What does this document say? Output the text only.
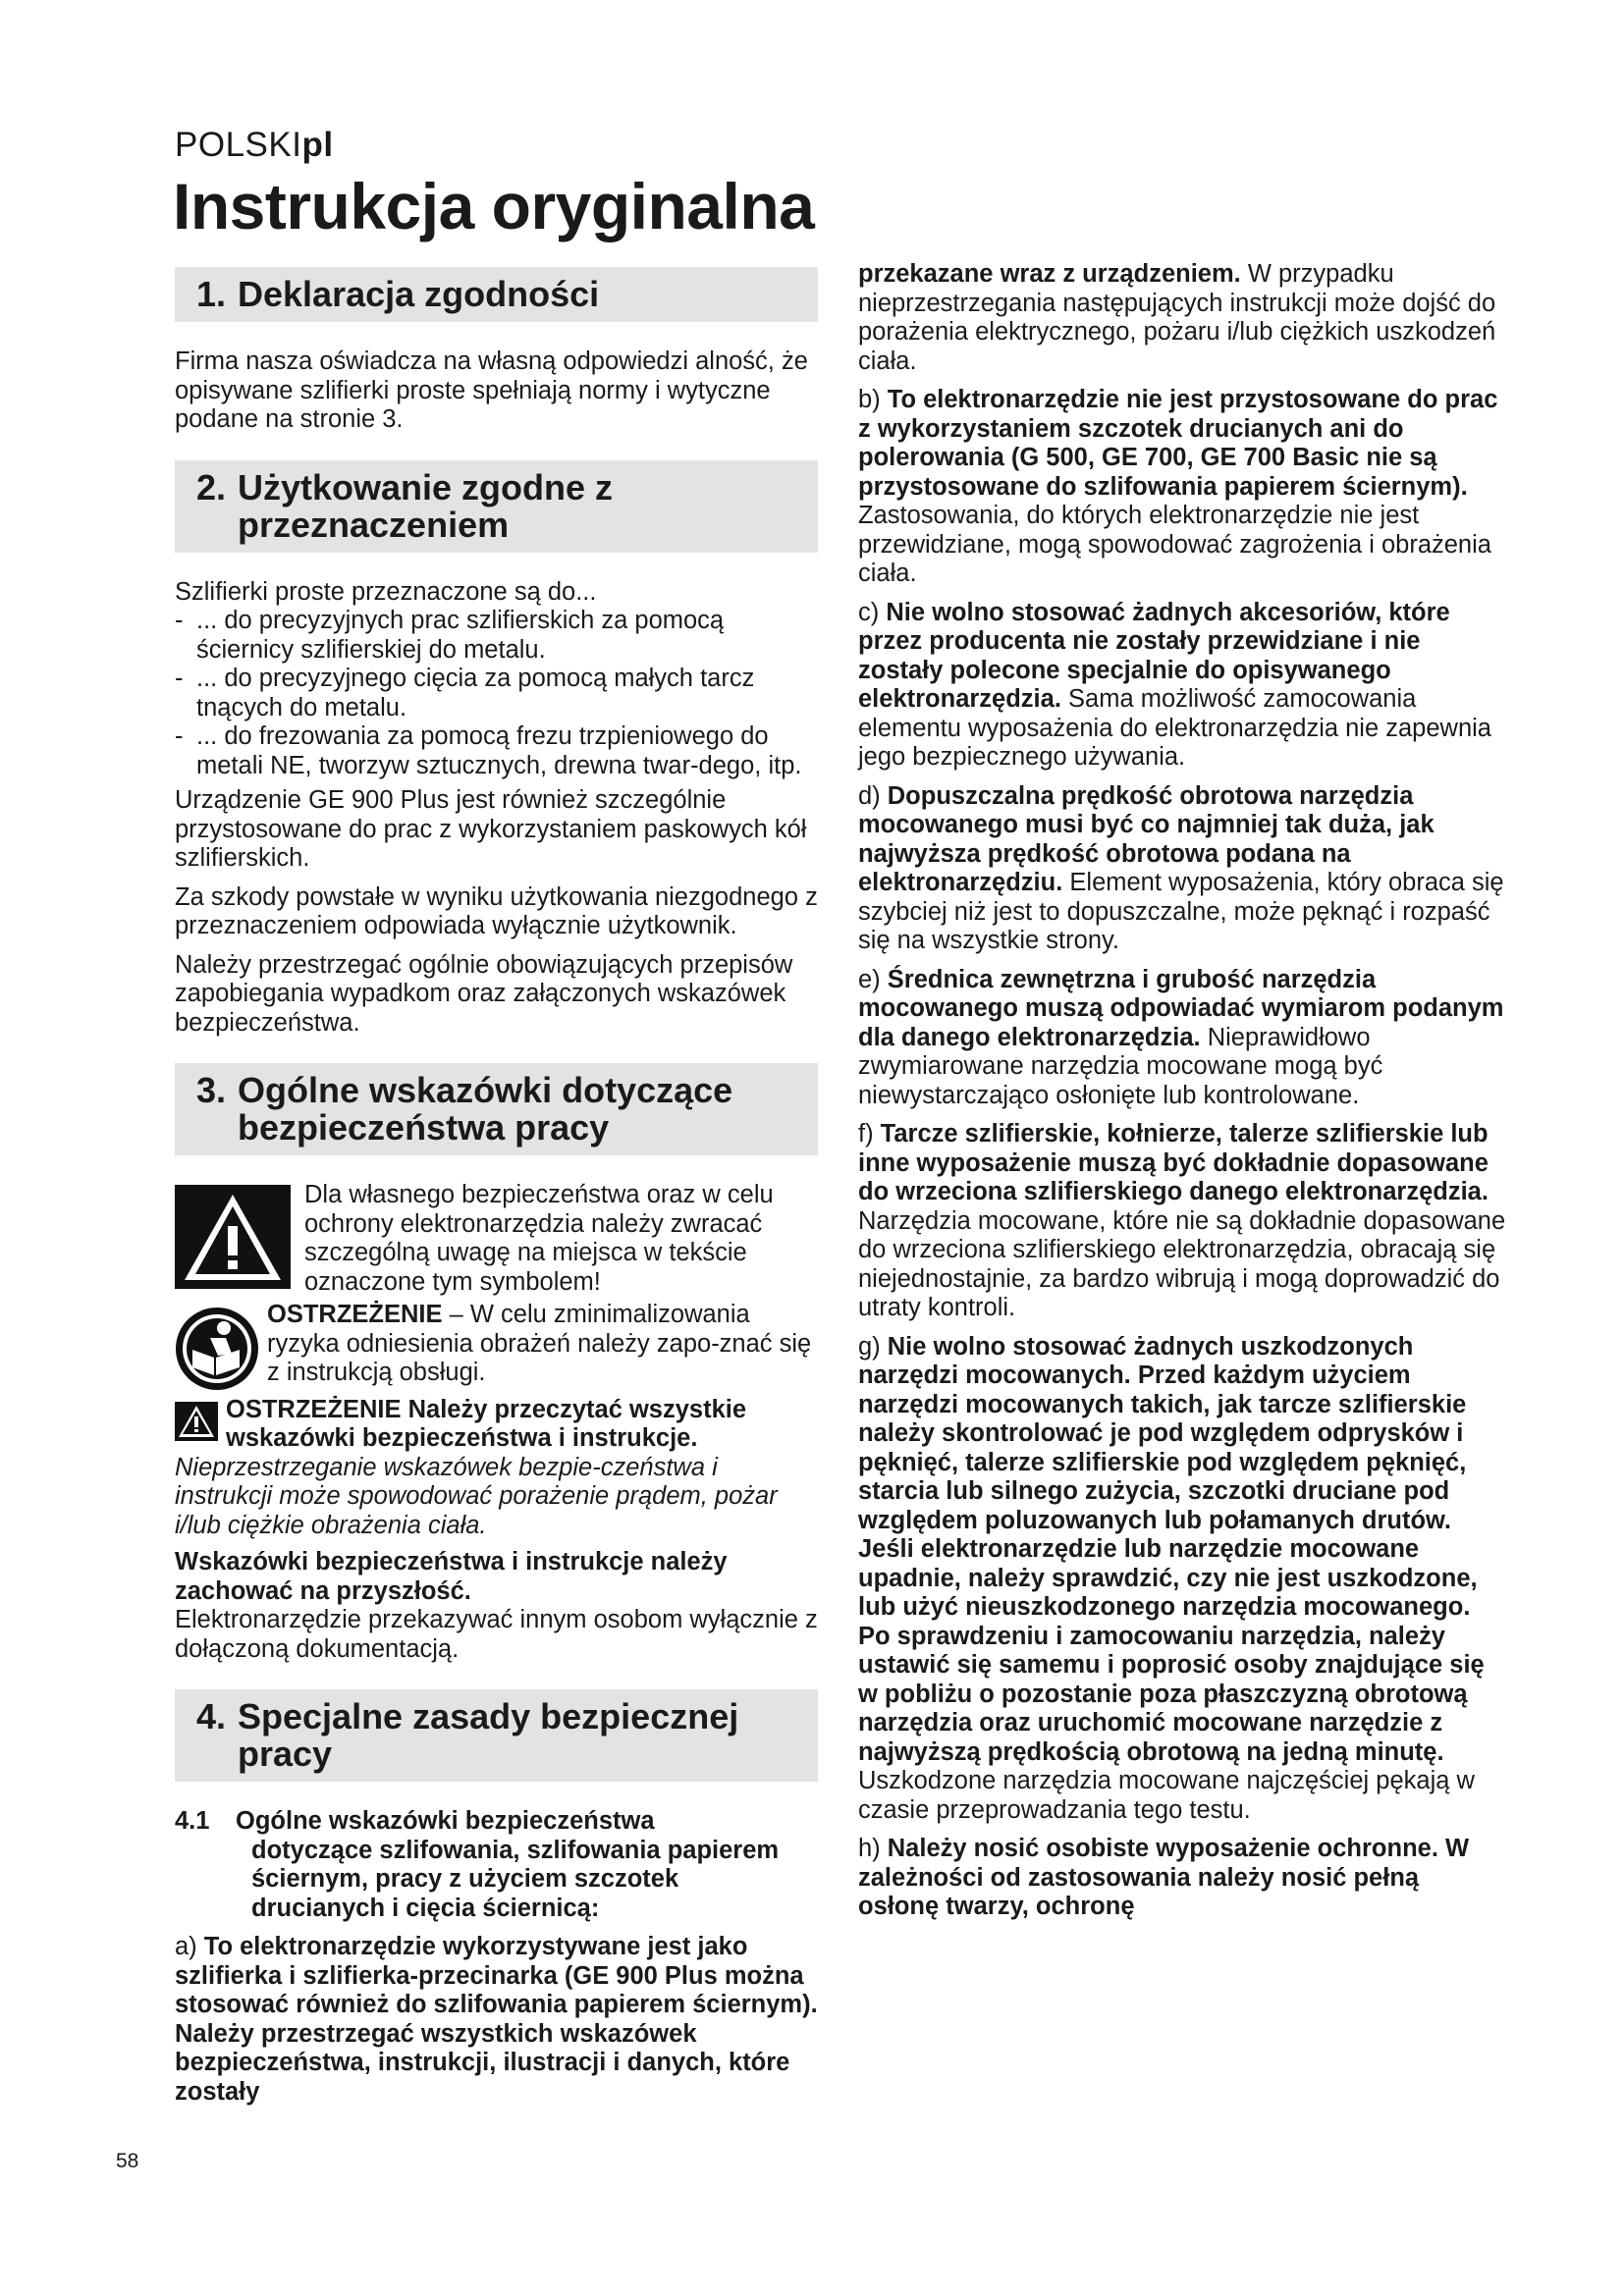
POLSKIpl
Instrukcja oryginalna
1. Deklaracja zgodności

Firma nasza oświadcza na własną odpowiedzi alność, że opisywane szlifierki proste spełniają normy i wytyczne podane na stronie 3.

2. Użytkowanie zgodne z
przeznaczeniem

Szlifierki proste przeznaczone są do...

- ... do precyzyjnych prac szlifierskich za pomocą ściernicy szlifierskiej do metalu.
- ... do precyzyjnego cięcia za pomocą małych tarcz tnących do metalu.
- ... do frezowania za pomocą frezu trzpieniowego do metali NE, tworzyw sztucznych, drewna twar-dego, itp.

Urządzenie GE 900 Plus jest również szczególnie przystosowane do prac z wykorzystaniem paskowych kół szlifierskich.

Za szkody powstałe w wyniku użytkowania niezgodnego z przeznaczeniem odpowiada wyłącznie użytkownik.

Należy przestrzegać ogólnie obowiązujących przepisów zapobiegania wypadkom oraz załączonych wskazówek bezpieczeństwa.

3. Ogólne wskazówki dotyczące
bezpieczeństwa pracy
Dla własnego bezpieczeństwa oraz w celu ochrony elektronarzędzia należy zwracać szczególną uwagę na miejsca w tekście oznaczone tym symbolem!
OSTRZEŻENIE – W celu zminimalizowania ryzyka odniesienia obrażeń należy zapo-znać się z instrukcją obsługi.
OSTRZEŻENIE Należy przeczytać wszystkie wskazówki bezpieczeństwa i instrukcje. Nieprzestrzeganie wskazówek bezpie-czeństwa i instrukcji może spowodować porażenie prądem, pożar i/lub ciężkie obrażenia ciała.

Wskazówki bezpieczeństwa i instrukcje należy zachować na przyszłość.
Elektronarzędzie przekazywać innym osobom wyłącznie z dołączoną dokumentacją.

4. Specjalne zasady bezpiecznej
pracy
4.1 Ogólne wskazówki bezpieczeństwa
dotyczące szlifowania, szlifowania papierem ściernym, pracy z użyciem szczotek drucianych i cięcia ściernicą:

a) To elektronarzędzie wykorzystywane jest jako szlifierka i szlifierka-przecinarka (GE 900 Plus można stosować również do szlifowania papierem ściernym). Należy przestrzegać wszystkich wskazówek bezpieczeństwa, instrukcji, ilustracji i danych, które zostały

przekazane wraz z urządzeniem. W przypadku nieprzestrzegania następujących instrukcji może dojść do porażenia elektrycznego, pożaru i/lub ciężkich uszkodzeń ciała.

b) To elektronarzędzie nie jest przystosowane do prac z wykorzystaniem szczotek drucianych ani do polerowania (G 500, GE 700, GE 700 Basic nie są przystosowane do szlifowania papierem ściernym). Zastosowania, do których elektronarzędzie nie jest przewidziane, mogą spowodować zagrożenia i obrażenia ciała.

c) Nie wolno stosować żadnych akcesoriów, które przez producenta nie zostały przewidziane i nie zostały polecone specjalnie do opisywanego elektronarzędzia. Sama możliwość zamocowania elementu wyposażenia do elektronarzędzia nie zapewnia jego bezpiecznego używania.

d) Dopuszczalna prędkość obrotowa narzędzia mocowanego musi być co najmniej tak duża, jak najwyższa prędkość obrotowa podana na elektronarzędziu. Element wyposażenia, który obraca się szybciej niż jest to dopuszczalne, może pęknąć i rozpaść się na wszystkie strony.

e) Średnica zewnętrzna i grubość narzędzia mocowanego muszą odpowiadać wymiarom podanym dla danego elektronarzędzia. Nieprawidłowo zwymiarowane narzędzia mocowane mogą być niewystarczająco osłonięte lub kontrolowane.

f) Tarcze szlifierskie, kołnierze, talerze szlifierskie lub inne wyposażenie muszą być dokładnie dopasowane do wrzeciona szlifierskiego danego elektronarzędzia. Narzędzia mocowane, które nie są dokładnie dopasowane do wrzeciona szlifierskiego elektronarzędzia, obracają się niejednostajnie, za bardzo wibrują i mogą doprowadzić do utraty kontroli.

g) Nie wolno stosować żadnych uszkodzonych narzędzi mocowanych. Przed każdym użyciem narzędzi mocowanych takich, jak tarcze szlifierskie należy skontrolować je pod względem odprysków i pęknięć, talerze szlifierskie pod względem pęknięć, starcia lub silnego zużycia, szczotki druciane pod względem poluzowanych lub połamanych drutów. Jeśli elektronarzędzie lub narzędzie mocowane upadnie, należy sprawdzić, czy nie jest uszkodzone, lub użyć nieuszkodzonego narzędzia mocowanego. Po sprawdzeniu i zamocowaniu narzędzia, należy ustawić się samemu i poprosić osoby znajdujące się w pobliżu o pozostanie poza płaszczyzną obrotową narzędzia oraz uruchomić mocowane narzędzie z najwyższą prędkością obrotową na jedną minutę. Uszkodzone narzędzia mocowane najczęściej pękają w czasie przeprowadzania tego testu.

h) Należy nosić osobiste wyposażenie ochronne. W zależności od zastosowania należy nosić pełną osłonę twarzy, ochronę

58
